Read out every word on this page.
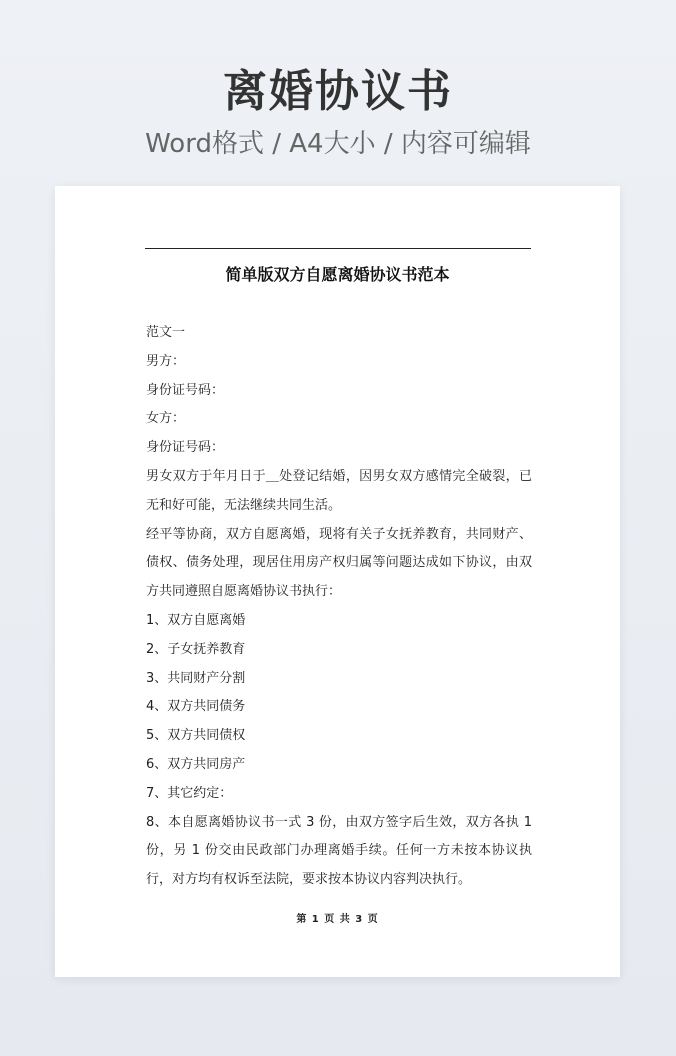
离婚协议书
Word格式 / A4大小 / 内容可编辑
简单版双方自愿离婚协议书范本

范文一

男方：

身份证号码：

女方：

身份证号码：

男女双方于年月日于＿处登记结婚，因男女双方感情完全破裂，已无和好可能，无法继续共同生活。

经平等协商，双方自愿离婚，现将有关子女抚养教育，共同财产、债权、债务处理，现居住用房产权归属等问题达成如下协议，由双方共同遵照自愿离婚协议书执行：

1、双方自愿离婚

2、子女抚养教育

3、共同财产分割

4、双方共同债务

5、双方共同债权

6、双方共同房产

7、其它约定：

8、本自愿离婚协议书一式 3 份，由双方签字后生效，双方各执 1 份，另 1 份交由民政部门办理离婚手续。任何一方未按本协议执行，对方均有权诉至法院，要求按本协议内容判决执行。

第 1 页 共 3 页
